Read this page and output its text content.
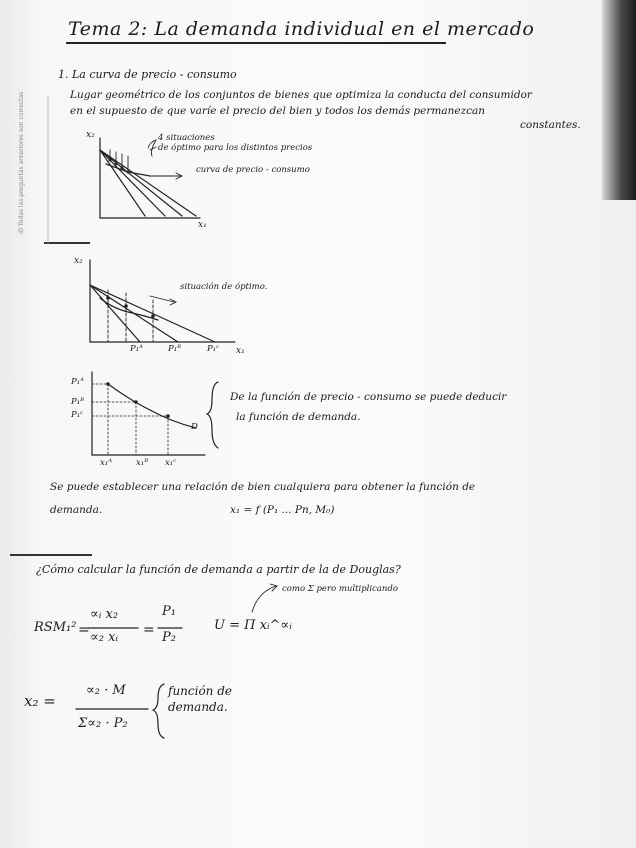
d) Todas las preguntas anteriores son correctas
Tema 2: La demanda individual en el mercado
1. La curva de precio - consumo
Lugar geométrico de los conjuntos de bienes que optimiza la conducta del consumidor
en el supuesto de que varíe el precio del bien y todos los demás permanezcan
constantes.
x₂
x₁
4 situaciones
de óptimo para los distintos precios
curva de precio - consumo
x₂
x₁
situación de óptimo.
P₁ᴬ	P₁ᴮ	P₁ᶜ
P₁ᴬ
P₁ᴮ
P₁ᶜ
x₁ᴬ	x₁ᴮ x₁ᶜ
D
De la función de precio - consumo se puede deducir
la función de demanda.
Se puede establecer una relación de bien cualquiera para obtener la función de
demanda.	x₁ = f (P₁ ... Pn, M₀)
¿Cómo calcular la función de demanda a partir de la de Douglas?
como Σ pero multiplicando
RSM₁² =
∝ᵢ x₂
∝₂ xᵢ =
P₁
P₂
U = Π xᵢ^∝ᵢ
x₂ =
∝₂ · M
Σ∝₂ · P₂
función de
demanda.
